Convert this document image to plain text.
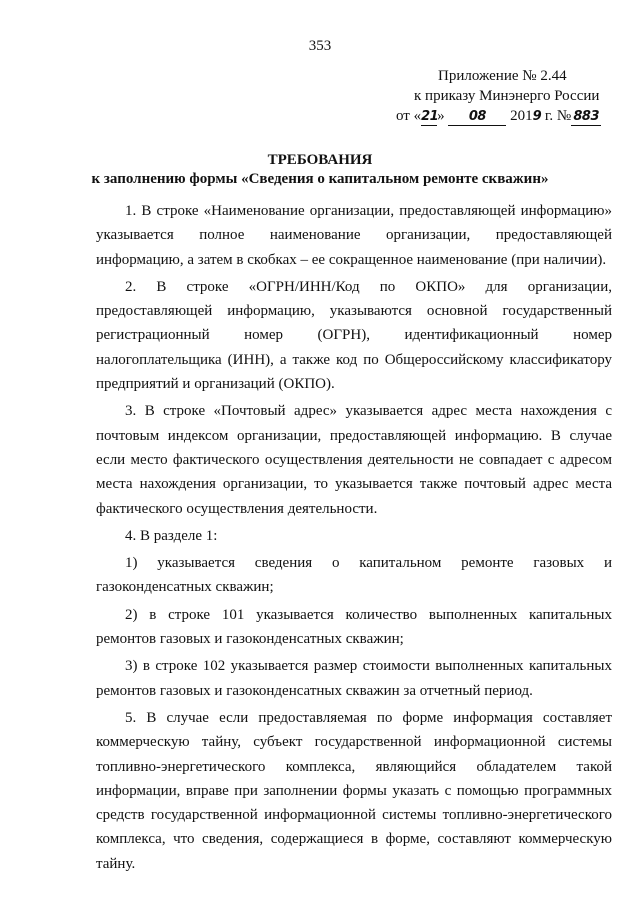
353
Приложение № 2.44
к приказу Минэнерго России
от «21» 08 2019 г. № 883
ТРЕБОВАНИЯ
к заполнению формы «Сведения о капитальном ремонте скважин»

1. В строке «Наименование организации, предоставляющей информацию» указывается полное наименование организации, предоставляющей информацию, а затем в скобках – ее сокращенное наименование (при наличии).

2. В строке «ОГРН/ИНН/Код по ОКПО» для организации, предоставляющей информацию, указываются основной государственный регистрационный номер (ОГРН), идентификационный номер налогоплательщика (ИНН), а также код по Общероссийскому классификатору предприятий и организаций (ОКПО).

3. В строке «Почтовый адрес» указывается адрес места нахождения с почтовым индексом организации, предоставляющей информацию. В случае если место фактического осуществления деятельности не совпадает с адресом места нахождения организации, то указывается также почтовый адрес места фактического осуществления деятельности.

4. В разделе 1:

1) указывается сведения о капитальном ремонте газовых и газоконденсатных скважин;

2) в строке 101 указывается количество выполненных капитальных ремонтов газовых и газоконденсатных скважин;

3) в строке 102 указывается размер стоимости выполненных капитальных ремонтов газовых и газоконденсатных скважин за отчетный период.

5. В случае если предоставляемая по форме информация составляет коммерческую тайну, субъект государственной информационной системы топливно-энергетического комплекса, являющийся обладателем такой информации, вправе при заполнении формы указать с помощью программных средств государственной информационной системы топливно-энергетического комплекса, что сведения, содержащиеся в форме, составляют коммерческую тайну.
